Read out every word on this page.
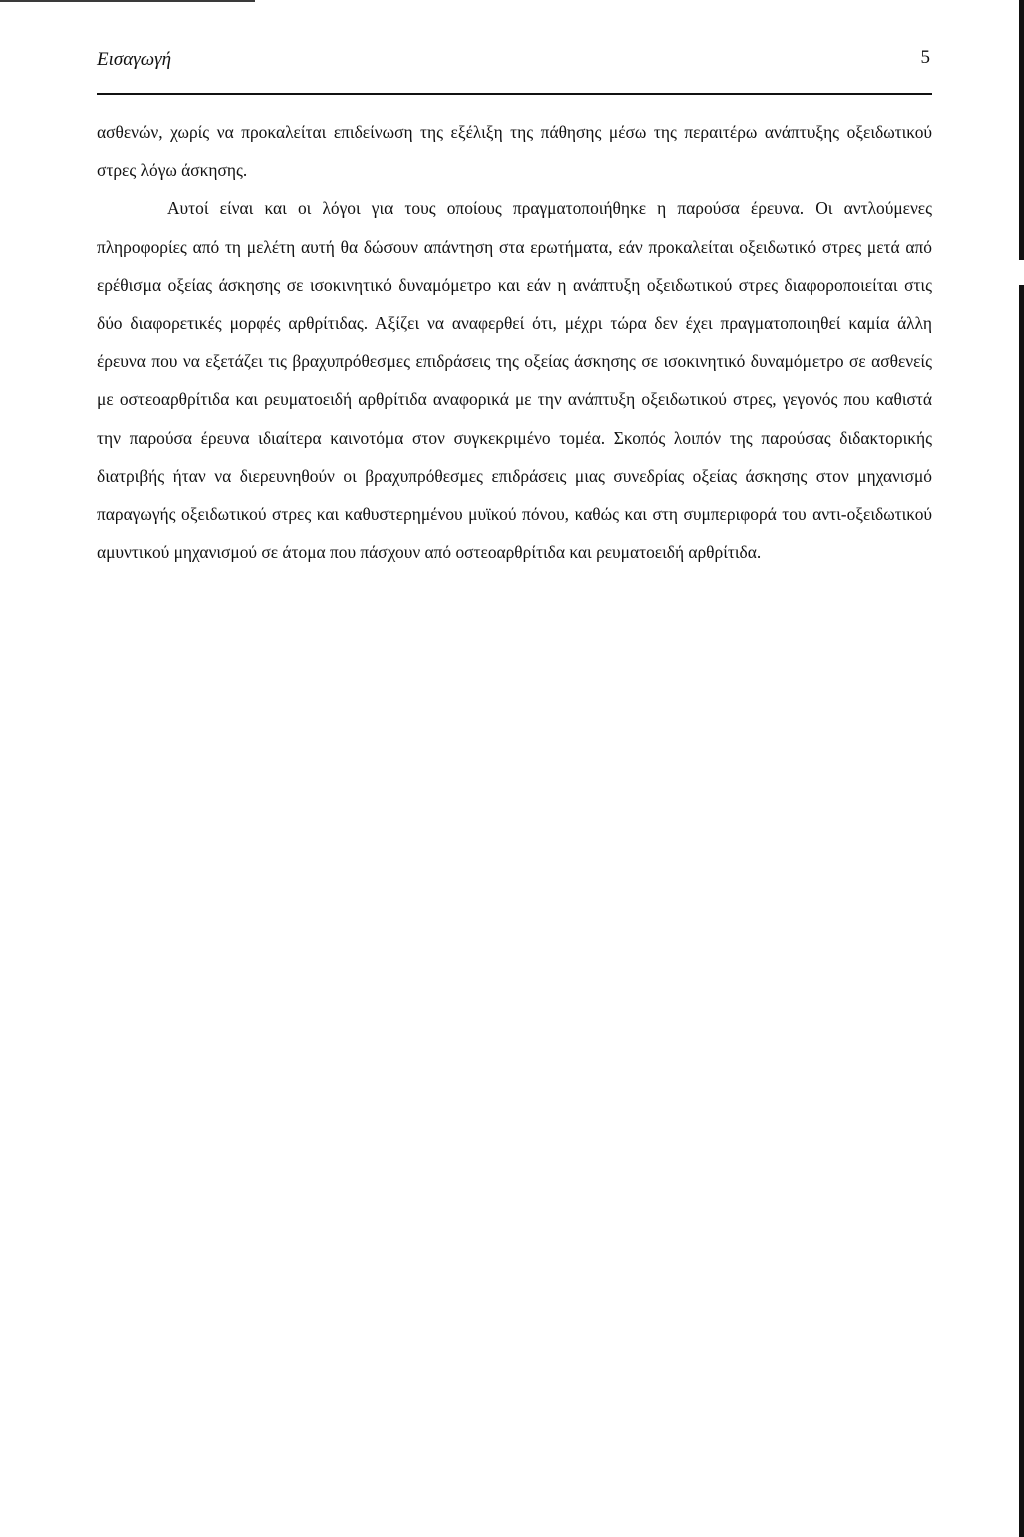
Εισαγωγή	5

ασθενών, χωρίς να προκαλείται επιδείνωση της εξέλιξη της πάθησης μέσω της περαιτέρω ανάπτυξης οξειδωτικού στρες λόγω άσκησης.

Αυτοί είναι και οι λόγοι για τους οποίους πραγματοποιήθηκε η παρούσα έρευνα. Οι αντλούμενες πληροφορίες από τη μελέτη αυτή θα δώσουν απάντηση στα ερωτήματα, εάν προκαλείται οξειδωτικό στρες μετά από ερέθισμα οξείας άσκησης σε ισοκινητικό δυναμόμετρο και εάν η ανάπτυξη οξειδωτικού στρες διαφοροποιείται στις δύο διαφορετικές μορφές αρθρίτιδας. Αξίζει να αναφερθεί ότι, μέχρι τώρα δεν έχει πραγματοποιηθεί καμία άλλη έρευνα που να εξετάζει τις βραχυπρόθεσμες επιδράσεις της οξείας άσκησης σε ισοκινητικό δυναμόμετρο σε ασθενείς με οστεοαρθρίτιδα και ρευματοειδή αρθρίτιδα αναφορικά με την ανάπτυξη οξειδωτικού στρες, γεγονός που καθιστά την παρούσα έρευνα ιδιαίτερα καινοτόμα στον συγκεκριμένο τομέα. Σκοπός λοιπόν της παρούσας διδακτορικής διατριβής ήταν να διερευνηθούν οι βραχυπρόθεσμες επιδράσεις μιας συνεδρίας οξείας άσκησης στον μηχανισμό παραγωγής οξειδωτικού στρες και καθυστερημένου μυϊκού πόνου, καθώς και στη συμπεριφορά του αντι-οξειδωτικού αμυντικού μηχανισμού σε άτομα που πάσχουν από οστεοαρθρίτιδα και ρευματοειδή αρθρίτιδα.
